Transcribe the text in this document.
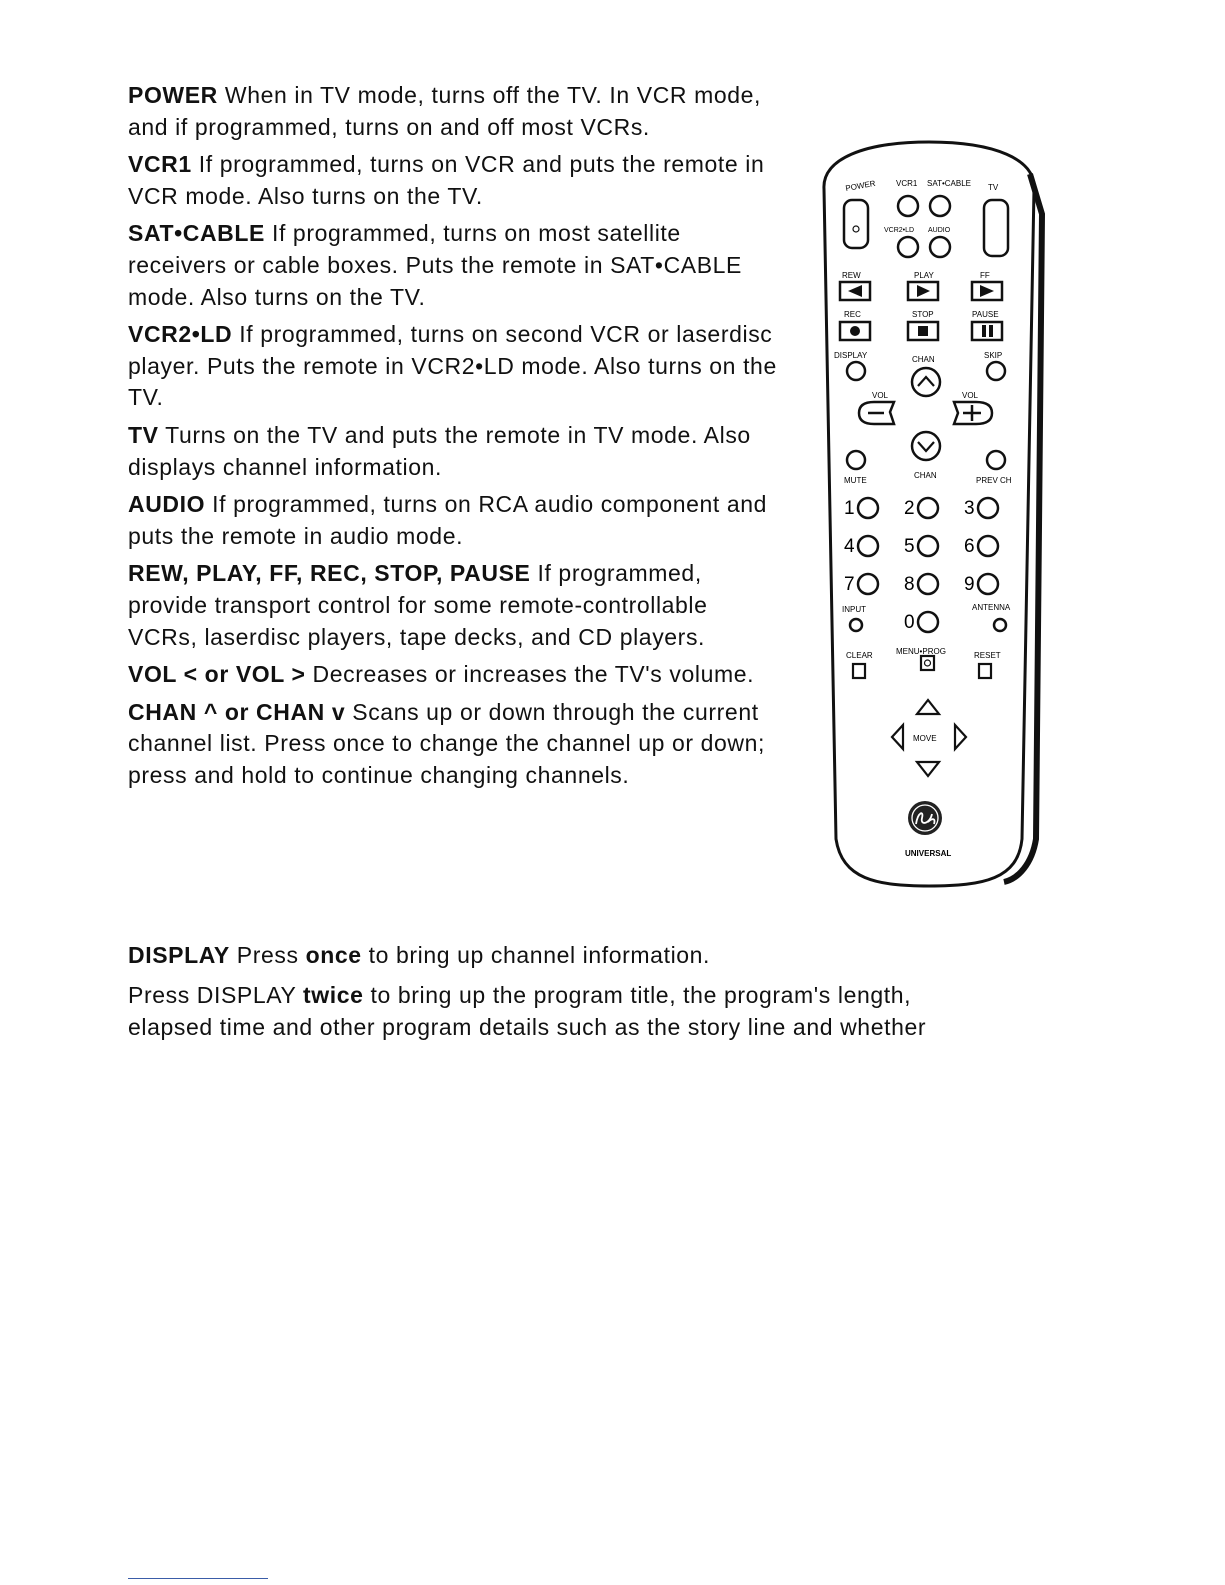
POWER When in TV mode, turns off the TV. In VCR mode, and if programmed, turns on and off most VCRs.
VCR1 If programmed, turns on VCR and puts the remote in VCR mode. Also turns on the TV.
SAT•CABLE If programmed, turns on most satellite receivers or cable boxes. Puts the remote in SAT•CABLE mode. Also turns on the TV.
VCR2•LD If programmed, turns on second VCR or laserdisc player. Puts the remote in VCR2•LD mode. Also turns on the TV.
TV Turns on the TV and puts the remote in TV mode. Also displays channel information.
AUDIO If programmed, turns on RCA audio component and puts the remote in audio mode.
REW, PLAY, FF, REC, STOP, PAUSE If programmed, provide transport control for some remote-controllable VCRs, laserdisc players, tape decks, and CD players.
VOL < or VOL > Decreases or increases the TV's volume.
CHAN ^ or CHAN v Scans up or down through the current channel list. Press once to change the channel up or down; press and hold to continue changing channels.
DISPLAY Press once to bring up channel information.
Press DISPLAY twice to bring up the program title, the program's length,
elapsed time and other program details such as the story line and whether
POWER VCR1 SAT•CABLE TV
VCR2•LD AUDIO
REW	PLAY	FF
REC	STOP	PAUSE
DISPLAY	CHAN	SKIP
VOL	VOL
MUTE
CHAN
PREV CH
1	2	3
4	5	6
7	8	9
0
INPUT	ANTENNA
CLEAR	MENU•PROG	RESET
MOVE
UNIVERSAL
